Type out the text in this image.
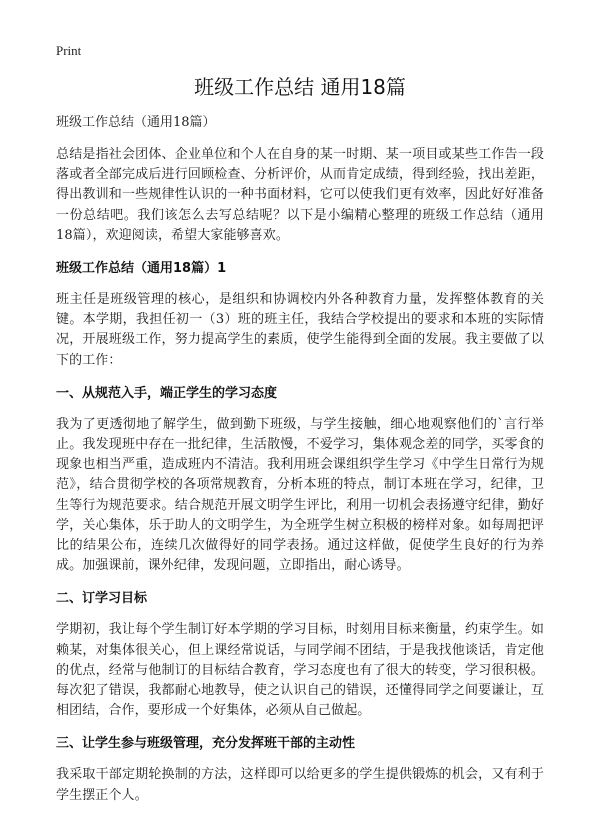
Print
班级工作总结 通用18篇
班级工作总结（通用18篇）

总结是指社会团体、企业单位和个人在自身的某一时期、某一项目或某些工作告一段落或者全部完成后进行回顾检查、分析评价，从而肯定成绩，得到经验，找出差距，得出教训和一些规律性认识的一种书面材料，它可以使我们更有效率，因此好好准备一份总结吧。我们该怎么去写总结呢？以下是小编精心整理的班级工作总结（通用18篇），欢迎阅读，希望大家能够喜欢。

班级工作总结（通用18篇）1

班主任是班级管理的核心，是组织和协调校内外各种教育力量，发挥整体教育的关键。本学期，我担任初一（3）班的班主任，我结合学校提出的要求和本班的实际情况，开展班级工作，努力提高学生的素质，使学生能得到全面的发展。我主要做了以下的工作：

一、从规范入手，端正学生的学习态度

我为了更透彻地了解学生，做到勤下班级，与学生接触，细心地观察他们的`言行举止。我发现班中存在一批纪律，生活散慢，不爱学习，集体观念差的同学，买零食的现象也相当严重，造成班内不清洁。我利用班会课组织学生学习《中学生日常行为规范》，结合贯彻学校的各项常规教育，分析本班的特点，制订本班在学习，纪律，卫生等行为规范要求。结合规范开展文明学生评比，利用一切机会表扬遵守纪律，勤好学，关心集体，乐于助人的文明学生，为全班学生树立积极的榜样对象。如每周把评比的结果公布，连续几次做得好的同学表扬。通过这样做，促使学生良好的行为养成。加强课前，课外纪律，发现问题，立即指出，耐心诱导。

二、订学习目标

学期初，我让每个学生制订好本学期的学习目标，时刻用目标来衡量，约束学生。如赖某，对集体很关心，但上课经常说话，与同学闹不团结，于是我找他谈话，肯定他的优点，经常与他制订的目标结合教育，学习态度也有了很大的转变，学习很积极。每次犯了错误，我都耐心地教导，使之认识自己的错误，还懂得同学之间要谦让，互相团结，合作，要形成一个好集体，必须从自己做起。

三、让学生参与班级管理，充分发挥班干部的主动性

我采取干部定期轮换制的方法，这样即可以给更多的学生提供锻炼的机会，又有利于学生摆正个人。
